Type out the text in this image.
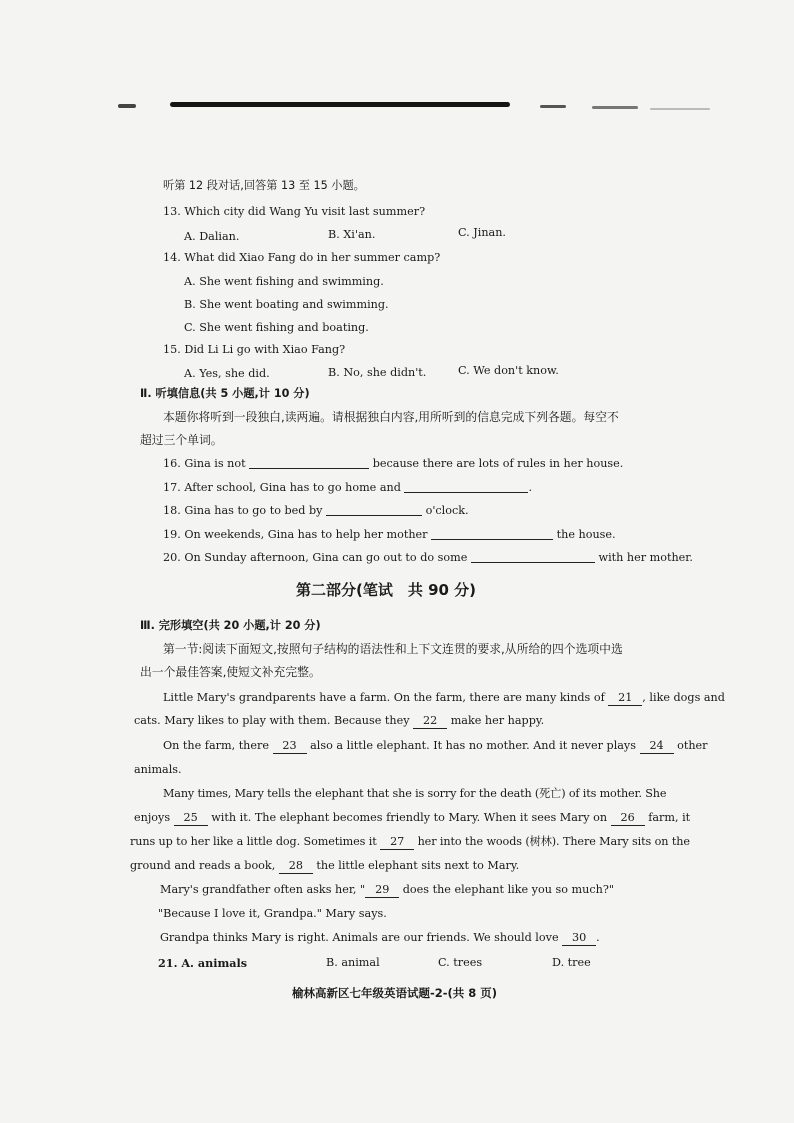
听第 12 段对话,回答第 13 至 15 小题。
13. Which city did Wang Yu visit last summer?
A. Dalian.	B. Xi'an.	C. Jinan.
14. What did Xiao Fang do in her summer camp?
A. She went fishing and swimming.
B. She went boating and swimming.
C. She went fishing and boating.
15. Did Li Li go with Xiao Fang?
A. Yes, she did.	B. No, she didn't.	C. We don't know.
Ⅱ. 听填信息(共 5 小题,计 10 分)
本题你将听到一段独白,读两遍。请根据独白内容,用所听到的信息完成下列各题。每空不
超过三个单词。
16. Gina is not	because there are lots of rules in her house.
17. After school, Gina has to go home and	.
18. Gina has to go to bed by	o'clock.
19. On weekends, Gina has to help her mother	the house.
20. On Sunday afternoon, Gina can go out to do some	with her mother.
第二部分(笔试　共 90 分)
Ⅲ. 完形填空(共 20 小题,计 20 分)
第一节:阅读下面短文,按照句子结构的语法性和上下文连贯的要求,从所给的四个选项中选
出一个最佳答案,使短文补充完整。
Little Mary's grandparents have a farm. On the farm, there are many kinds of 21 , like dogs and
cats. Mary likes to play with them. Because they 22 make her happy.
On the farm, there 23 also a little elephant. It has no mother. And it never plays 24 other
animals.
Many times, Mary tells the elephant that she is sorry for the death (死亡) of its mother. She
enjoys 25 with it. The elephant becomes friendly to Mary. When it sees Mary on 26 farm, it
runs up to her like a little dog. Sometimes it 27 her into the woods (树林). There Mary sits on the
ground and reads a book, 28 the little elephant sits next to Mary.
Mary's grandfather often asks her, " 29 does the elephant like you so much?"
"Because I love it, Grandpa." Mary says.
Grandpa thinks Mary is right. Animals are our friends. We should love 30 .
21. A. animals	B. animal	C. trees	D. tree
榆林高新区七年级英语试题-2-(共 8 页)
